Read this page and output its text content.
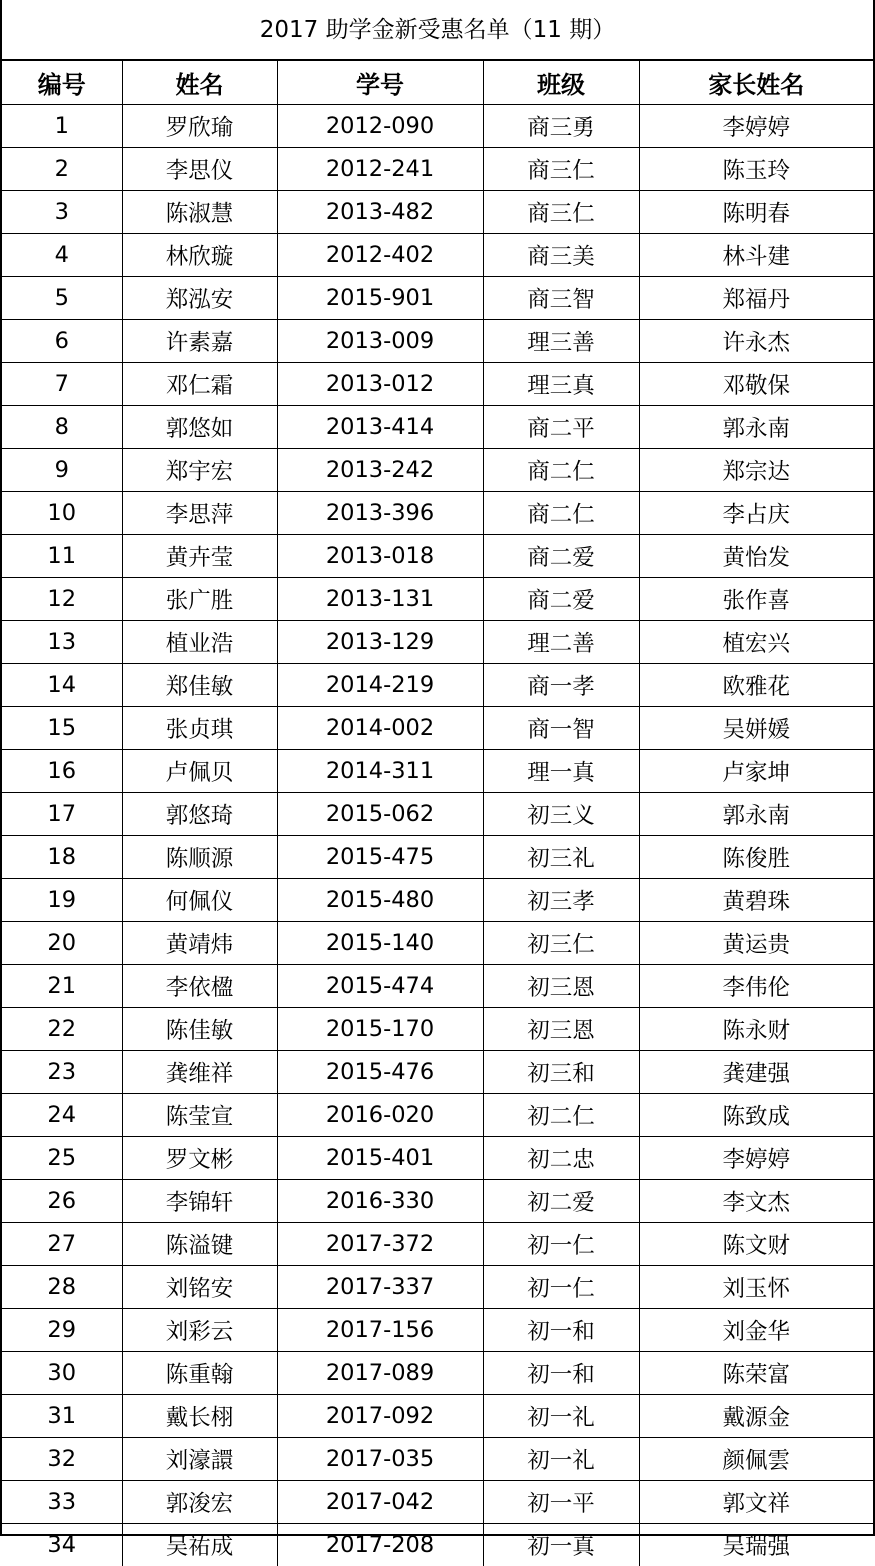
2017 助学金新受惠名单（11 期）
编号	姓名	学号	班级	家长姓名
1	罗欣瑜	2012-090	商三勇	李婷婷
2	李思仪	2012-241	商三仁	陈玉玲
3	陈淑慧	2013-482	商三仁	陈明春
4	林欣璇	2012-402	商三美	林斗建
5	郑泓安	2015-901	商三智	郑福丹
6	许素嘉	2013-009	理三善	许永杰
7	邓仁霜	2013-012	理三真	邓敬保
8	郭悠如	2013-414	商二平	郭永南
9	郑宇宏	2013-242	商二仁	郑宗达
10	李思萍	2013-396	商二仁	李占庆
11	黄卉莹	2013-018	商二爱	黄怡发
12	张广胜	2013-131	商二爱	张作喜
13	植业浩	2013-129	理二善	植宏兴
14	郑佳敏	2014-219	商一孝	欧雅花
15	张贞琪	2014-002	商一智	吴姘媛
16	卢佩贝	2014-311	理一真	卢家坤
17	郭悠琦	2015-062	初三义	郭永南
18	陈顺源	2015-475	初三礼	陈俊胜
19	何佩仪	2015-480	初三孝	黄碧珠
20	黄靖炜	2015-140	初三仁	黄运贵
21	李依楹	2015-474	初三恩	李伟伦
22	陈佳敏	2015-170	初三恩	陈永财
23	龚维祥	2015-476	初三和	龚建强
24	陈莹宣	2016-020	初二仁	陈致成
25	罗文彬	2015-401	初二忠	李婷婷
26	李锦轩	2016-330	初二爱	李文杰
27	陈溢键	2017-372	初一仁	陈文财
28	刘铭安	2017-337	初一仁	刘玉怀
29	刘彩云	2017-156	初一和	刘金华
30	陈重翰	2017-089	初一和	陈荣富
31	戴长栩	2017-092	初一礼	戴源金
32	刘濠譞	2017-035	初一礼	颜佩雲
33	郭浚宏	2017-042	初一平	郭文祥
34	吴祐成	2017-208	初一真	吴瑞强
